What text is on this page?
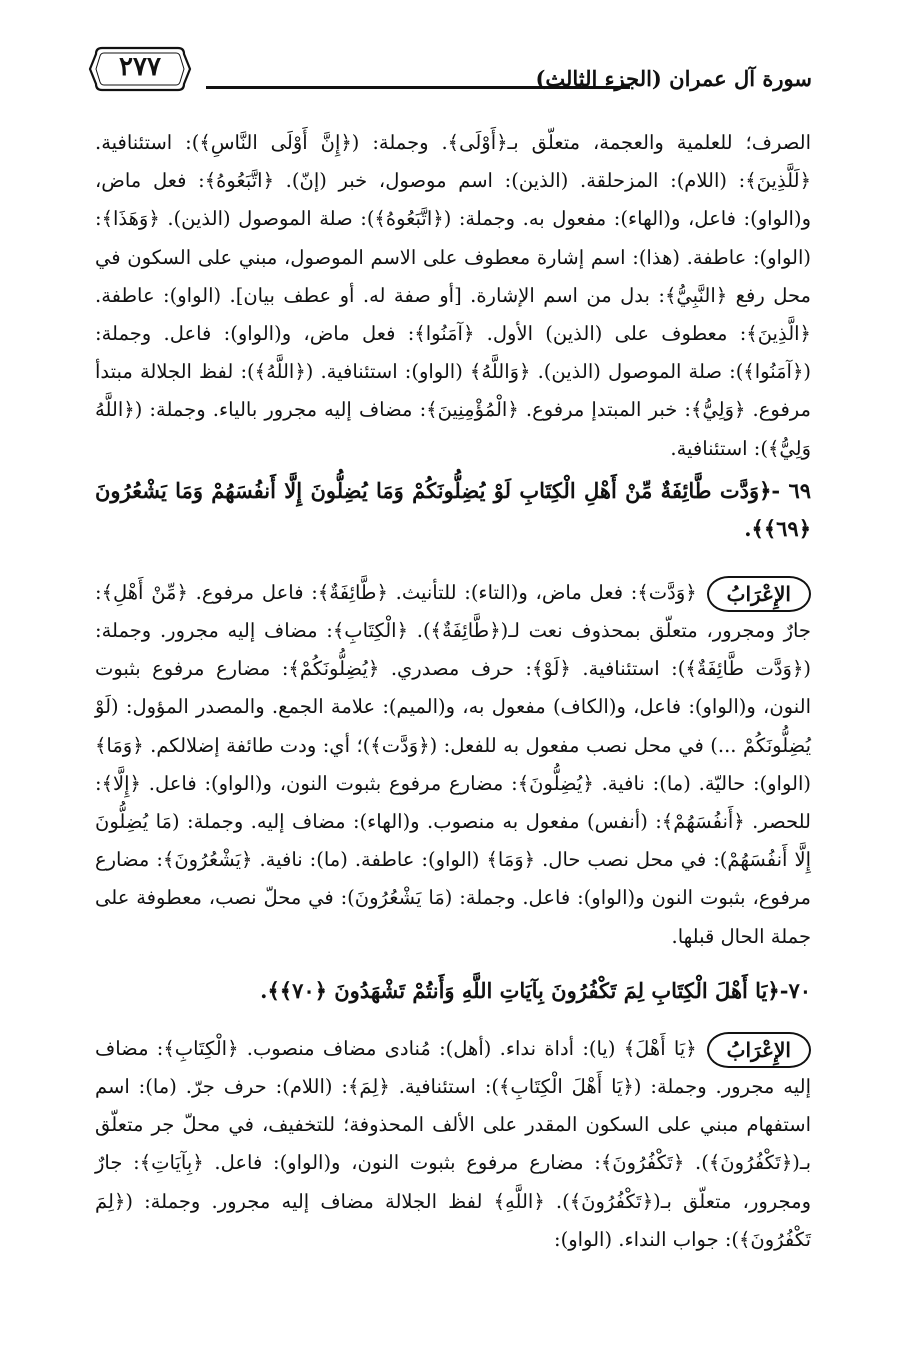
٢٧٧	سورة آل عمران (الجزء الثالث)

الصرف؛ للعلمية والعجمة، متعلّق بـ﴿أَوْلَى﴾. وجملة: (﴿إِنَّ أَوْلَى النَّاسِ﴾): استئنافية. ﴿لَلَّذِينَ﴾: (اللام): المزحلقة. (الذين): اسم موصول، خبر (إنّ). ﴿اتَّبَعُوهُ﴾: فعل ماض، و(الواو): فاعل، و(الهاء): مفعول به. وجملة: (﴿اتَّبَعُوهُ﴾): صلة الموصول (الذين). ﴿وَهَذَا﴾: (الواو): عاطفة. (هذا): اسم إشارة معطوف على الاسم الموصول، مبني على السكون في محل رفع ﴿النَّبِيُّ﴾: بدل من اسم الإشارة. [أو صفة له. أو عطف بيان]. (الواو): عاطفة. ﴿الَّذِينَ﴾: معطوف على (الذين) الأول. ﴿آمَنُوا﴾: فعل ماض، و(الواو): فاعل. وجملة: (﴿آمَنُوا﴾): صلة الموصول (الذين). ﴿وَاللَّهُ﴾ (الواو): استئنافية. (﴿اللَّهُ﴾): لفظ الجلالة مبتدأ مرفوع. ﴿وَلِيُّ﴾: خبر المبتدإ مرفوع. ﴿الْمُؤْمِنِينَ﴾: مضاف إليه مجرور بالياء. وجملة: (﴿اللَّهُ وَلِيُّ﴾): استئنافية.

٦٩ -﴿وَدَّت طَّائِفَةٌ مِّنْ أَهْلِ الْكِتَابِ لَوْ يُضِلُّونَكُمْ وَمَا يُضِلُّونَ إِلَّا أَنفُسَهُمْ وَمَا يَشْعُرُونَ ﴿٦٩﴾﴾.

الإِعْرَابُ

﴿وَدَّت﴾: فعل ماض، و(التاء): للتأنيث. ﴿طَّائِفَةٌ﴾: فاعل مرفوع. ﴿مِّنْ أَهْلِ﴾: جارٌ ومجرور، متعلّق بمحذوف نعت لـ(﴿طَّائِفَةٌ﴾). ﴿الْكِتَابِ﴾: مضاف إليه مجرور. وجملة: (﴿وَدَّت طَّائِفَةٌ﴾): استئنافية. ﴿لَوْ﴾: حرف مصدري. ﴿يُضِلُّونَكُمْ﴾: مضارع مرفوع بثبوت النون، و(الواو): فاعل، و(الكاف) مفعول به، و(الميم): علامة الجمع. والمصدر المؤول: (لَوْ يُضِلُّونَكُمْ ...) في محل نصب مفعول به للفعل: (﴿وَدَّت﴾)؛ أي: ودت طائفة إضلالكم. ﴿وَمَا﴾ (الواو): حاليّة. (ما): نافية. ﴿يُضِلُّونَ﴾: مضارع مرفوع بثبوت النون، و(الواو): فاعل. ﴿إِلَّا﴾: للحصر. ﴿أَنفُسَهُمْ﴾: (أنفس) مفعول به منصوب. و(الهاء): مضاف إليه. وجملة: (مَا يُضِلُّونَ إِلَّا أَنفُسَهُمْ): في محل نصب حال. ﴿وَمَا﴾ (الواو): عاطفة. (ما): نافية. ﴿يَشْعُرُونَ﴾: مضارع مرفوع، بثبوت النون و(الواو): فاعل. وجملة: (مَا يَشْعُرُونَ): في محلّ نصب، معطوفة على جملة الحال قبلها.

٧٠-﴿يَا أَهْلَ الْكِتَابِ لِمَ تَكْفُرُونَ بِآيَاتِ اللَّهِ وَأَنتُمْ تَشْهَدُونَ ﴿٧٠﴾﴾.

الإِعْرَابُ

﴿يَا أَهْلَ﴾ (يا): أداة نداء. (أهل): مُنادى مضاف منصوب. ﴿الْكِتَابِ﴾: مضاف إليه مجرور. وجملة: (﴿يَا أَهْلَ الْكِتَابِ﴾): استئنافية. ﴿لِمَ﴾: (اللام): حرف جرّ. (ما): اسم استفهام مبني على السكون المقدر على الألف المحذوفة؛ للتخفيف، في محلّ جر متعلّق بـ(﴿تَكْفُرُونَ﴾). ﴿تَكْفُرُونَ﴾: مضارع مرفوع بثبوت النون، و(الواو): فاعل. ﴿بِآيَاتِ﴾: جارٌ ومجرور، متعلّق بـ(﴿تَكْفُرُونَ﴾). ﴿اللَّهِ﴾ لفظ الجلالة مضاف إليه مجرور. وجملة: (﴿لِمَ تَكْفُرُونَ﴾): جواب النداء. (الواو):
